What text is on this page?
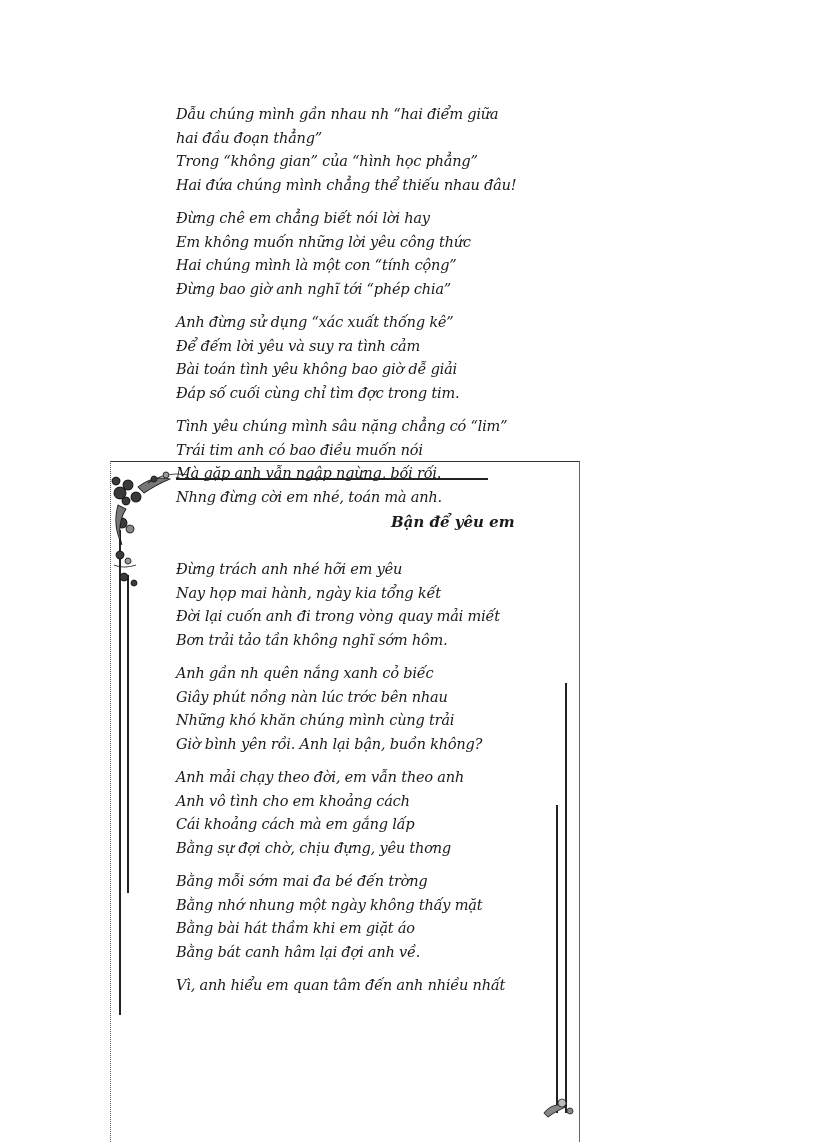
Dẫu chúng mình gần nhau nh “hai điểm giữa
hai đầu đoạn thẳng”
Trong “không gian” của “hình học phẳng”
Hai đứa chúng mình chẳng thể thiếu nhau đâu!
Đừng chê em chẳng biết nói lời hay
Em không muốn những lời yêu công thức
Hai chúng mình là một con “tính cộng”
Đừng bao giờ anh nghĩ tới “phép chia”
Anh đừng sử dụng “xác xuất thống kê”
Để đếm lời yêu và suy ra tình cảm
Bài toán tình yêu không bao giờ dễ giải
Đáp số cuối cùng chỉ tìm đợc trong tim.
Tình yêu chúng mình sâu nặng chẳng có “lim”
Trái tim anh có bao điều muốn nói
Mà gặp anh vẫn ngập ngừng, bối rối.
Nhng đừng cời em nhé, toán mà anh.
Bận để yêu em
Đừng trách anh nhé hỡi em yêu
Nay họp mai hành, ngày kia tổng kết
Đời lại cuốn anh đi trong vòng quay mải miết
Bơn trải tảo tần không nghĩ sớm hôm.
Anh gần nh quên nắng xanh cỏ biếc
Giây phút nồng nàn lúc trớc bên nhau
Những khó khăn chúng mình cùng trải
Giờ bình yên rồi. Anh lại bận, buồn không?
Anh mải chạy theo đời, em vẫn theo anh
Anh vô tình cho em khoảng cách
Cái khoảng cách mà em gắng lấp
Bằng sự đợi chờ, chịu đựng, yêu thơng
Bằng mỗi sớm mai đa bé đến trờng
Bằng nhớ nhung một ngày không thấy mặt
Bằng bài hát thầm khi em giặt áo
Bằng bát canh hâm lại đợi anh về.
Vì, anh hiểu em quan tâm đến anh nhiều nhất
